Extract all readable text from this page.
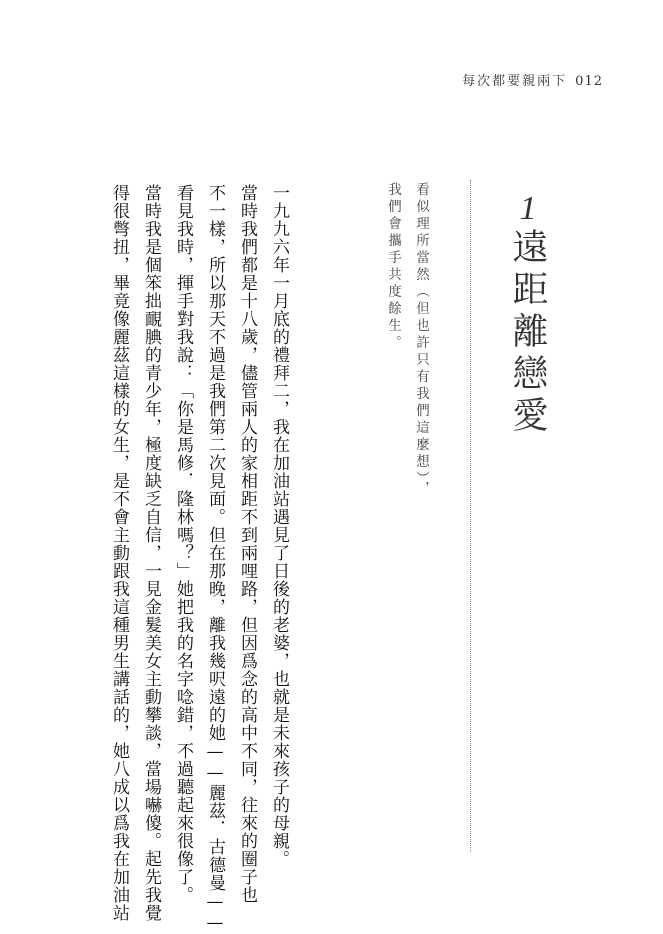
每次都要親兩下 012
1
遠距離戀愛
看似理所當然（但也許只有我們這麼想），
我們會攜手共度餘生。
一九九六年一月底的禮拜二，我在加油站遇見了日後的老婆，也就是未來孩子的母親。
當時我們都是十八歲，儘管兩人的家相距不到兩哩路，但因爲念的高中不同，往來的圈子也
不一樣，所以那天不過是我們第二次見面。但在那晚，離我幾呎遠的她——麗茲．古德曼——
看見我時，揮手對我說：「你是馬修．隆林嗎？」她把我的名字唸錯，不過聽起來很像了。
當時我是個笨拙靦腆的青少年，極度缺乏自信，一見金髮美女主動攀談，當場嚇傻。起先我覺
得很彆扭，畢竟像麗茲這樣的女生，是不會主動跟我這種男生講話的，她八成以爲我在加油站
